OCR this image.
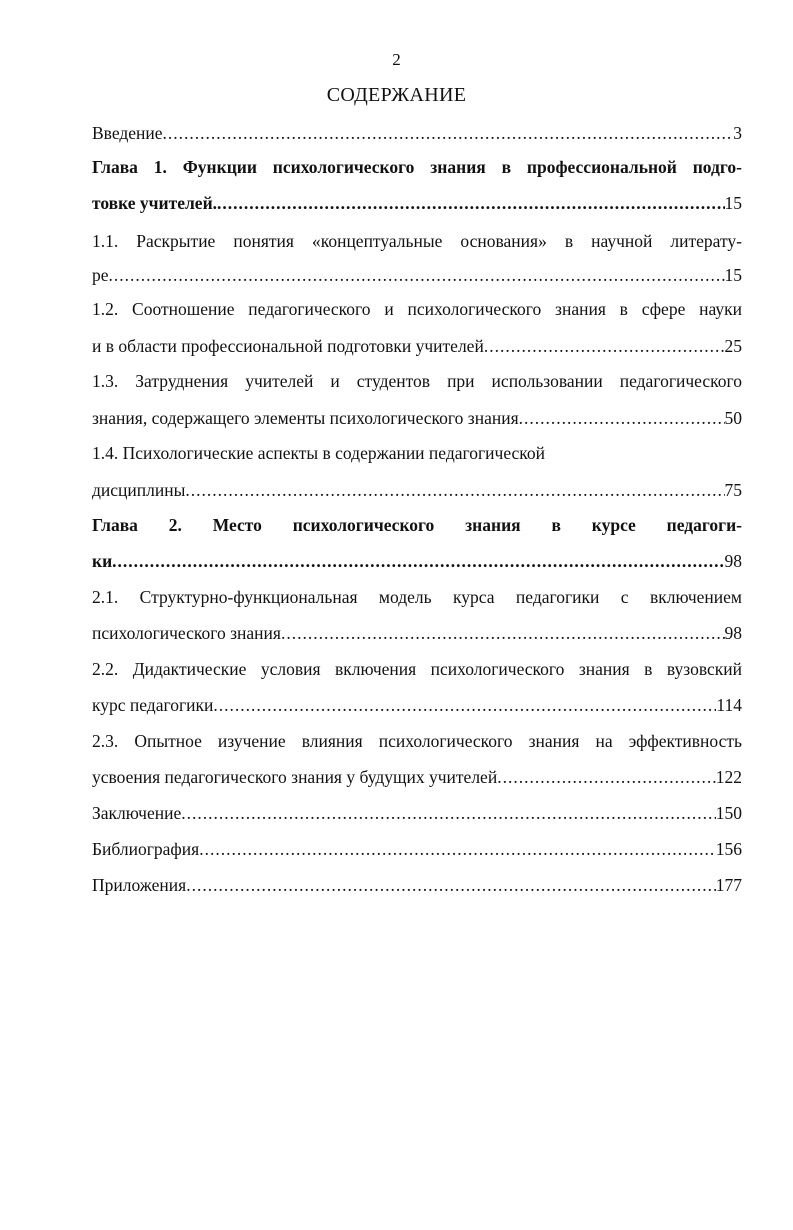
2
СОДЕРЖАНИЕ
Введение .....	3
Глава 1. Функции психологического знания в профессиональной подго-
товке учителей. .....	15
1.1. Раскрытие понятия «концептуальные основания» в научной литерату-
ре .....	15
1.2. Соотношение педагогического и психологического знания в сфере науки
и в области профессиональной подготовки учителей .....	25
1.3. Затруднения учителей и студентов при использовании педагогического
знания, содержащего элементы психологического знания .....	50
1.4. Психологические аспекты в содержании педагогической
дисциплины .....	75
Глава 2. Место психологического знания в курсе педагоги-
ки .....	98
2.1. Структурно-функциональная модель курса педагогики с включением
психологического знания .....	98
2.2. Дидактические условия включения психологического знания в вузовский
курс педагогики .....	114
2.3. Опытное изучение влияния психологического знания на эффективность
усвоения педагогического знания у будущих учителей .....	122
Заключение .....	150
Библиография .....	156
Приложения .....	177
